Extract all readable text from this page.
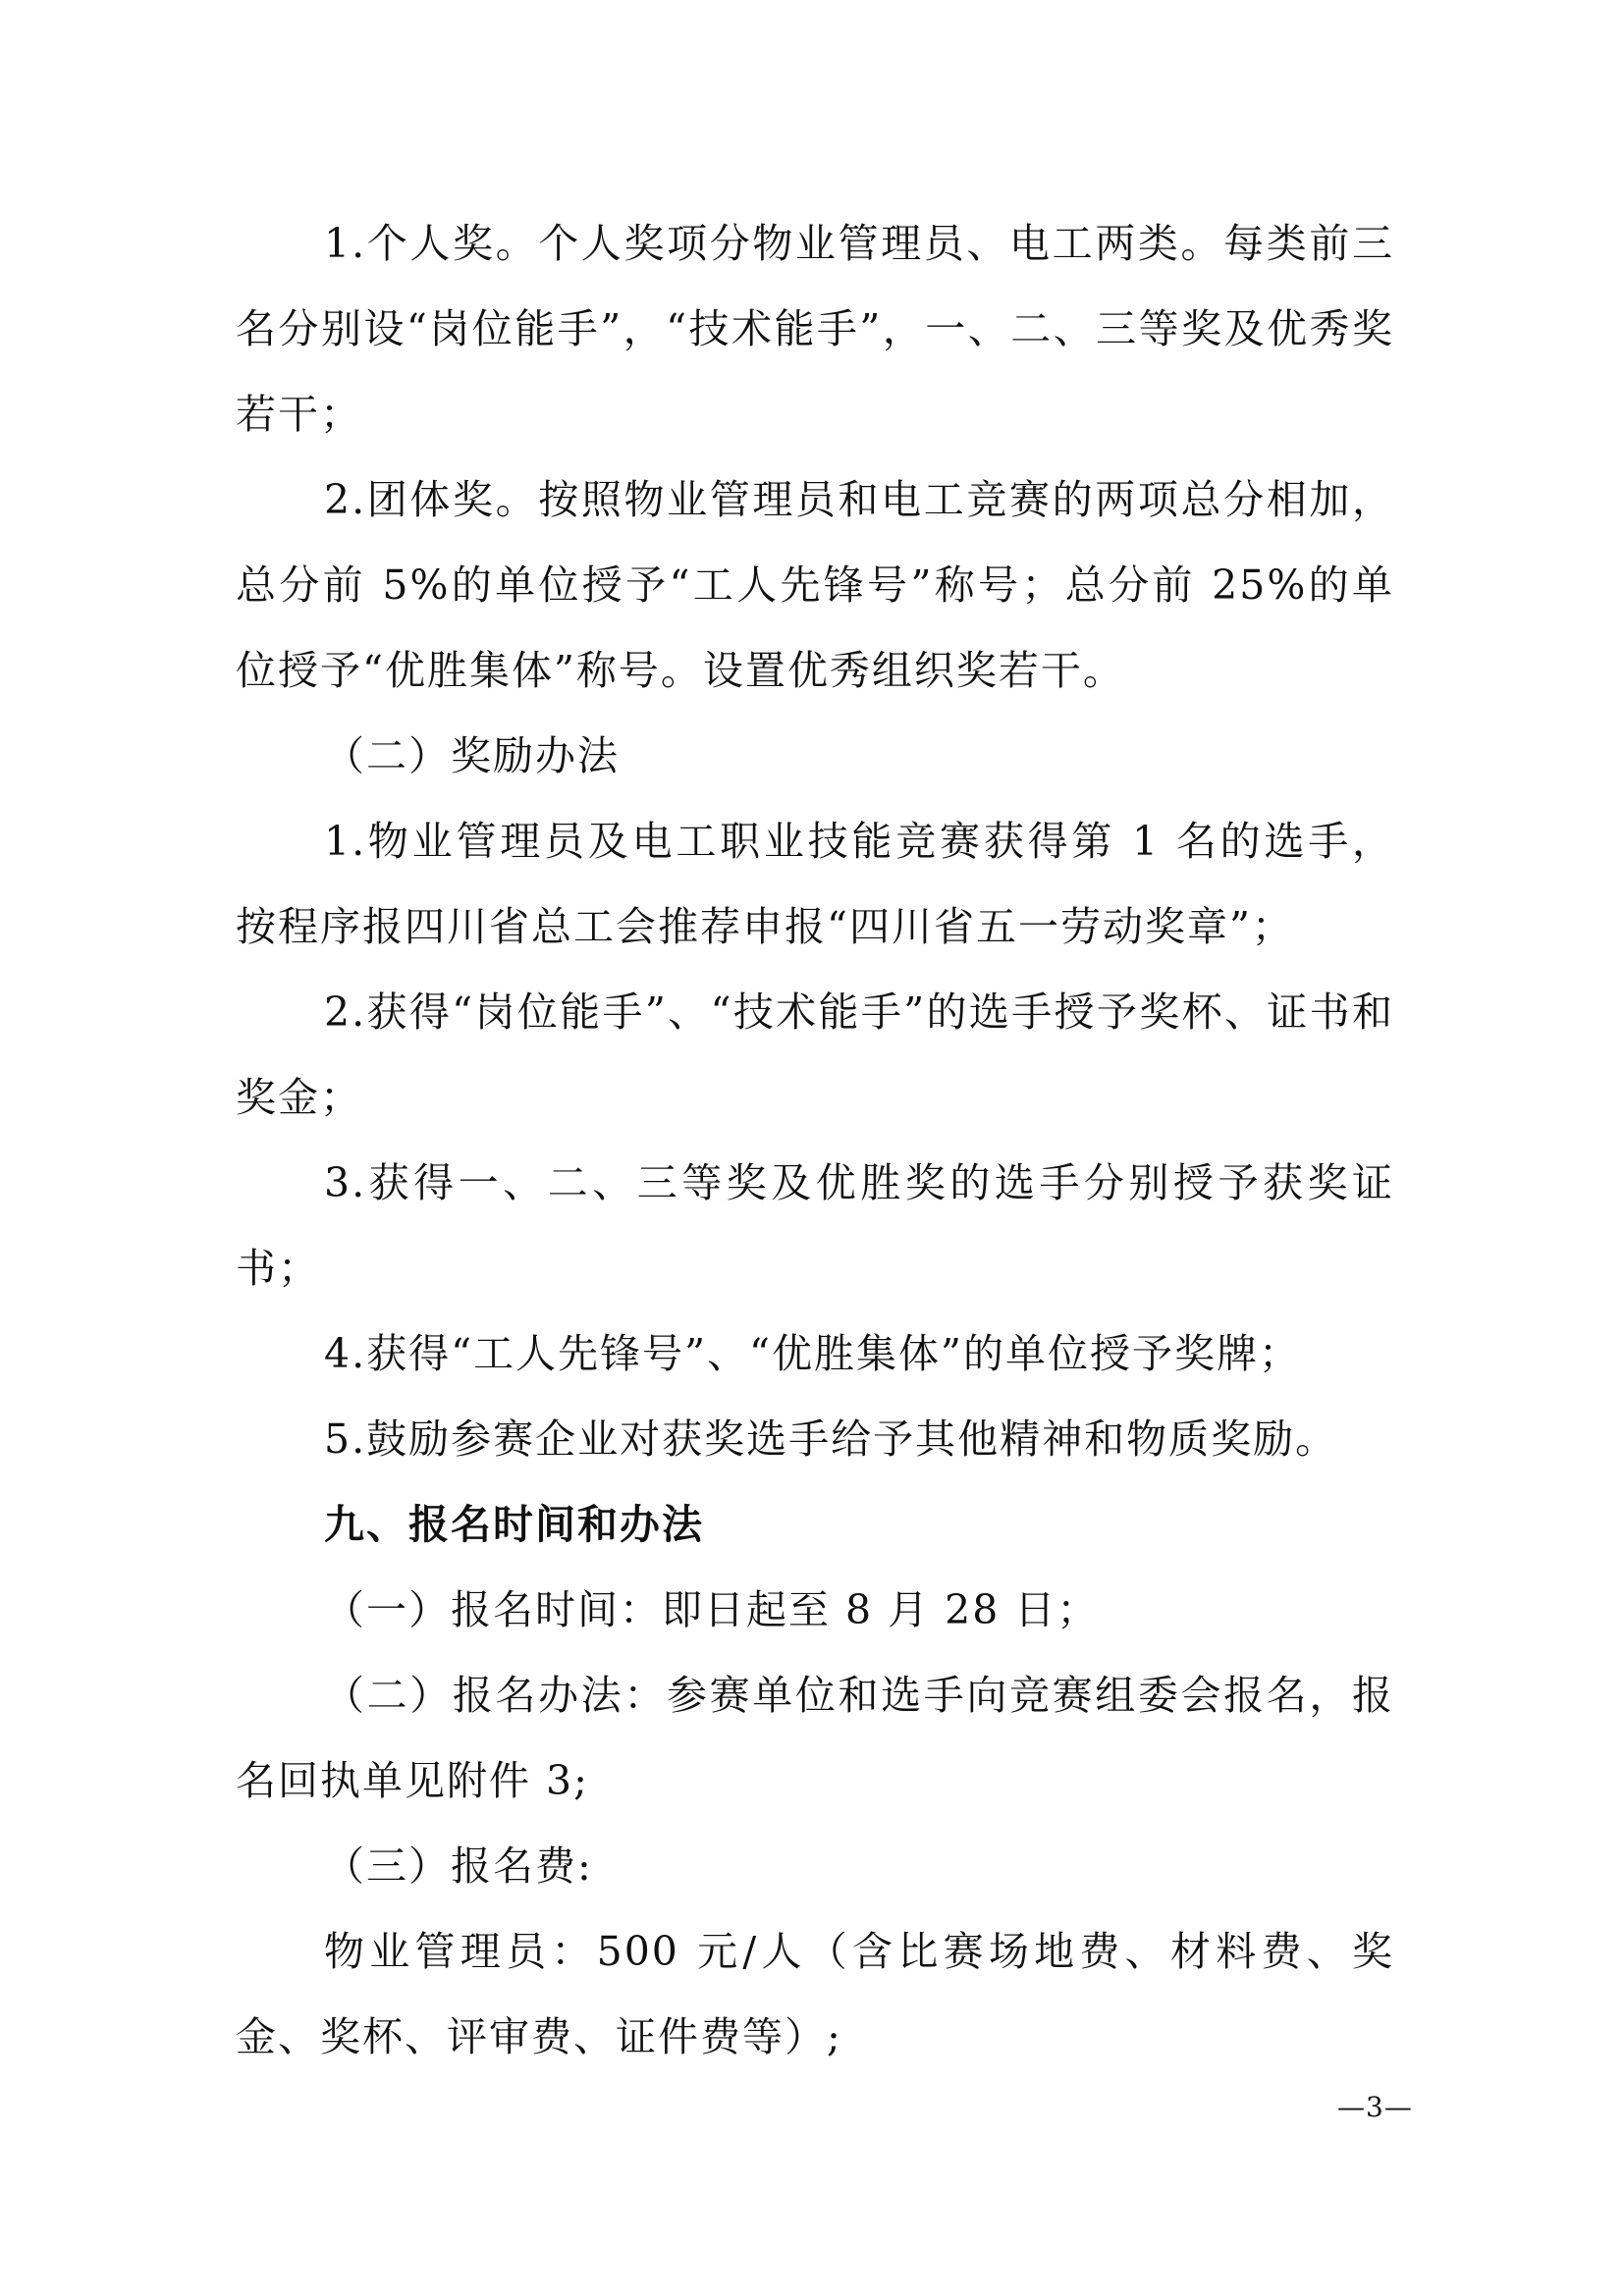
1.个人奖。个人奖项分物业管理员、电工两类。每类前三名分别设“岗位能手”，“技术能手”，一、二、三等奖及优秀奖若干；

2.团体奖。按照物业管理员和电工竞赛的两项总分相加，总分前 5%的单位授予“工人先锋号”称号；总分前 25%的单位授予“优胜集体”称号。设置优秀组织奖若干。

（二）奖励办法

1.物业管理员及电工职业技能竞赛获得第 1 名的选手，按程序报四川省总工会推荐申报“四川省五一劳动奖章”；

2.获得“岗位能手”、“技术能手”的选手授予奖杯、证书和奖金；

3.获得一、二、三等奖及优胜奖的选手分别授予获奖证书；

4.获得“工人先锋号”、“优胜集体”的单位授予奖牌；

5.鼓励参赛企业对获奖选手给予其他精神和物质奖励。

九、报名时间和办法

（一）报名时间：即日起至 8 月 28 日；

（二）报名办法：参赛单位和选手向竞赛组委会报名，报名回执单见附件 3;

（三）报名费:

物业管理员：500 元/人（含比赛场地费、材料费、奖金、奖杯、评审费、证件费等）;

—3—
